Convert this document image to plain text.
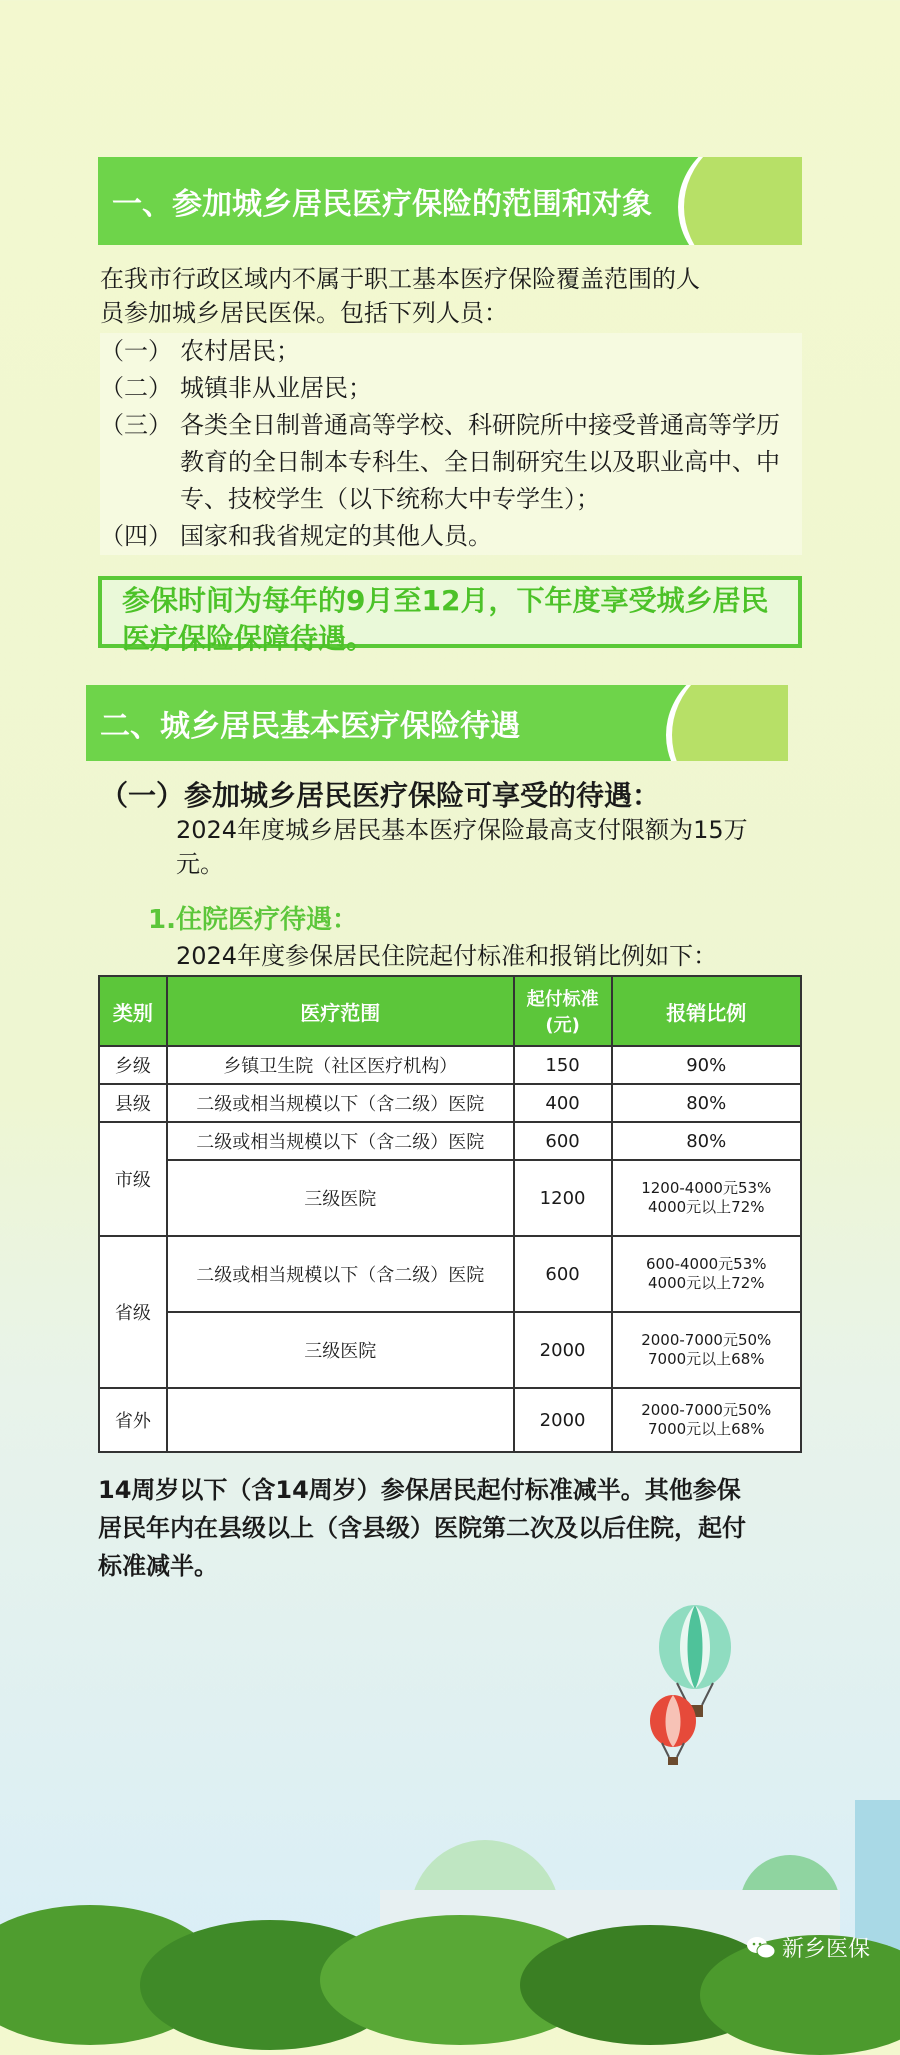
一、参加城乡居民医疗保险的范围和对象
在我市行政区域内不属于职工基本医疗保险覆盖范围的人
员参加城乡居民医保。包括下列人员：
（一） 农村居民；
（二） 城镇非从业居民；
（三） 各类全日制普通高等学校、科研院所中接受普通高等学历教育的全日制本专科生、全日制研究生以及职业高中、中专、技校学生（以下统称大中专学生）；
（四） 国家和我省规定的其他人员。
参保时间为每年的9月至12月，下年度享受城乡居民医疗保险保障待遇。
二、城乡居民基本医疗保险待遇
（一）参加城乡居民医疗保险可享受的待遇：
2024年度城乡居民基本医疗保险最高支付限额为15万
元。
1.住院医疗待遇：
2024年度参保居民住院起付标准和报销比例如下：
类别	医疗范围	起付标准(元)	报销比例
乡级	乡镇卫生院（社区医疗机构）	150	90%
县级	二级或相当规模以下（含二级）医院	400	80%
市级	二级或相当规模以下（含二级）医院	600	80%
	三级医院	1200	1200-4000元53%
4000元以上72%

省级	二级或相当规模以下（含二级）医院	600	600-4000元53%
4000元以上72%

	三级医院	2000	2000-7000元50%
7000元以上68%

省外		2000	2000-7000元50%
7000元以上68%
14周岁以下（含14周岁）参保居民起付标准减半。其他参保
居民年内在县级以上（含县级）医院第二次及以后住院，起付
标准减半。
新乡医保
